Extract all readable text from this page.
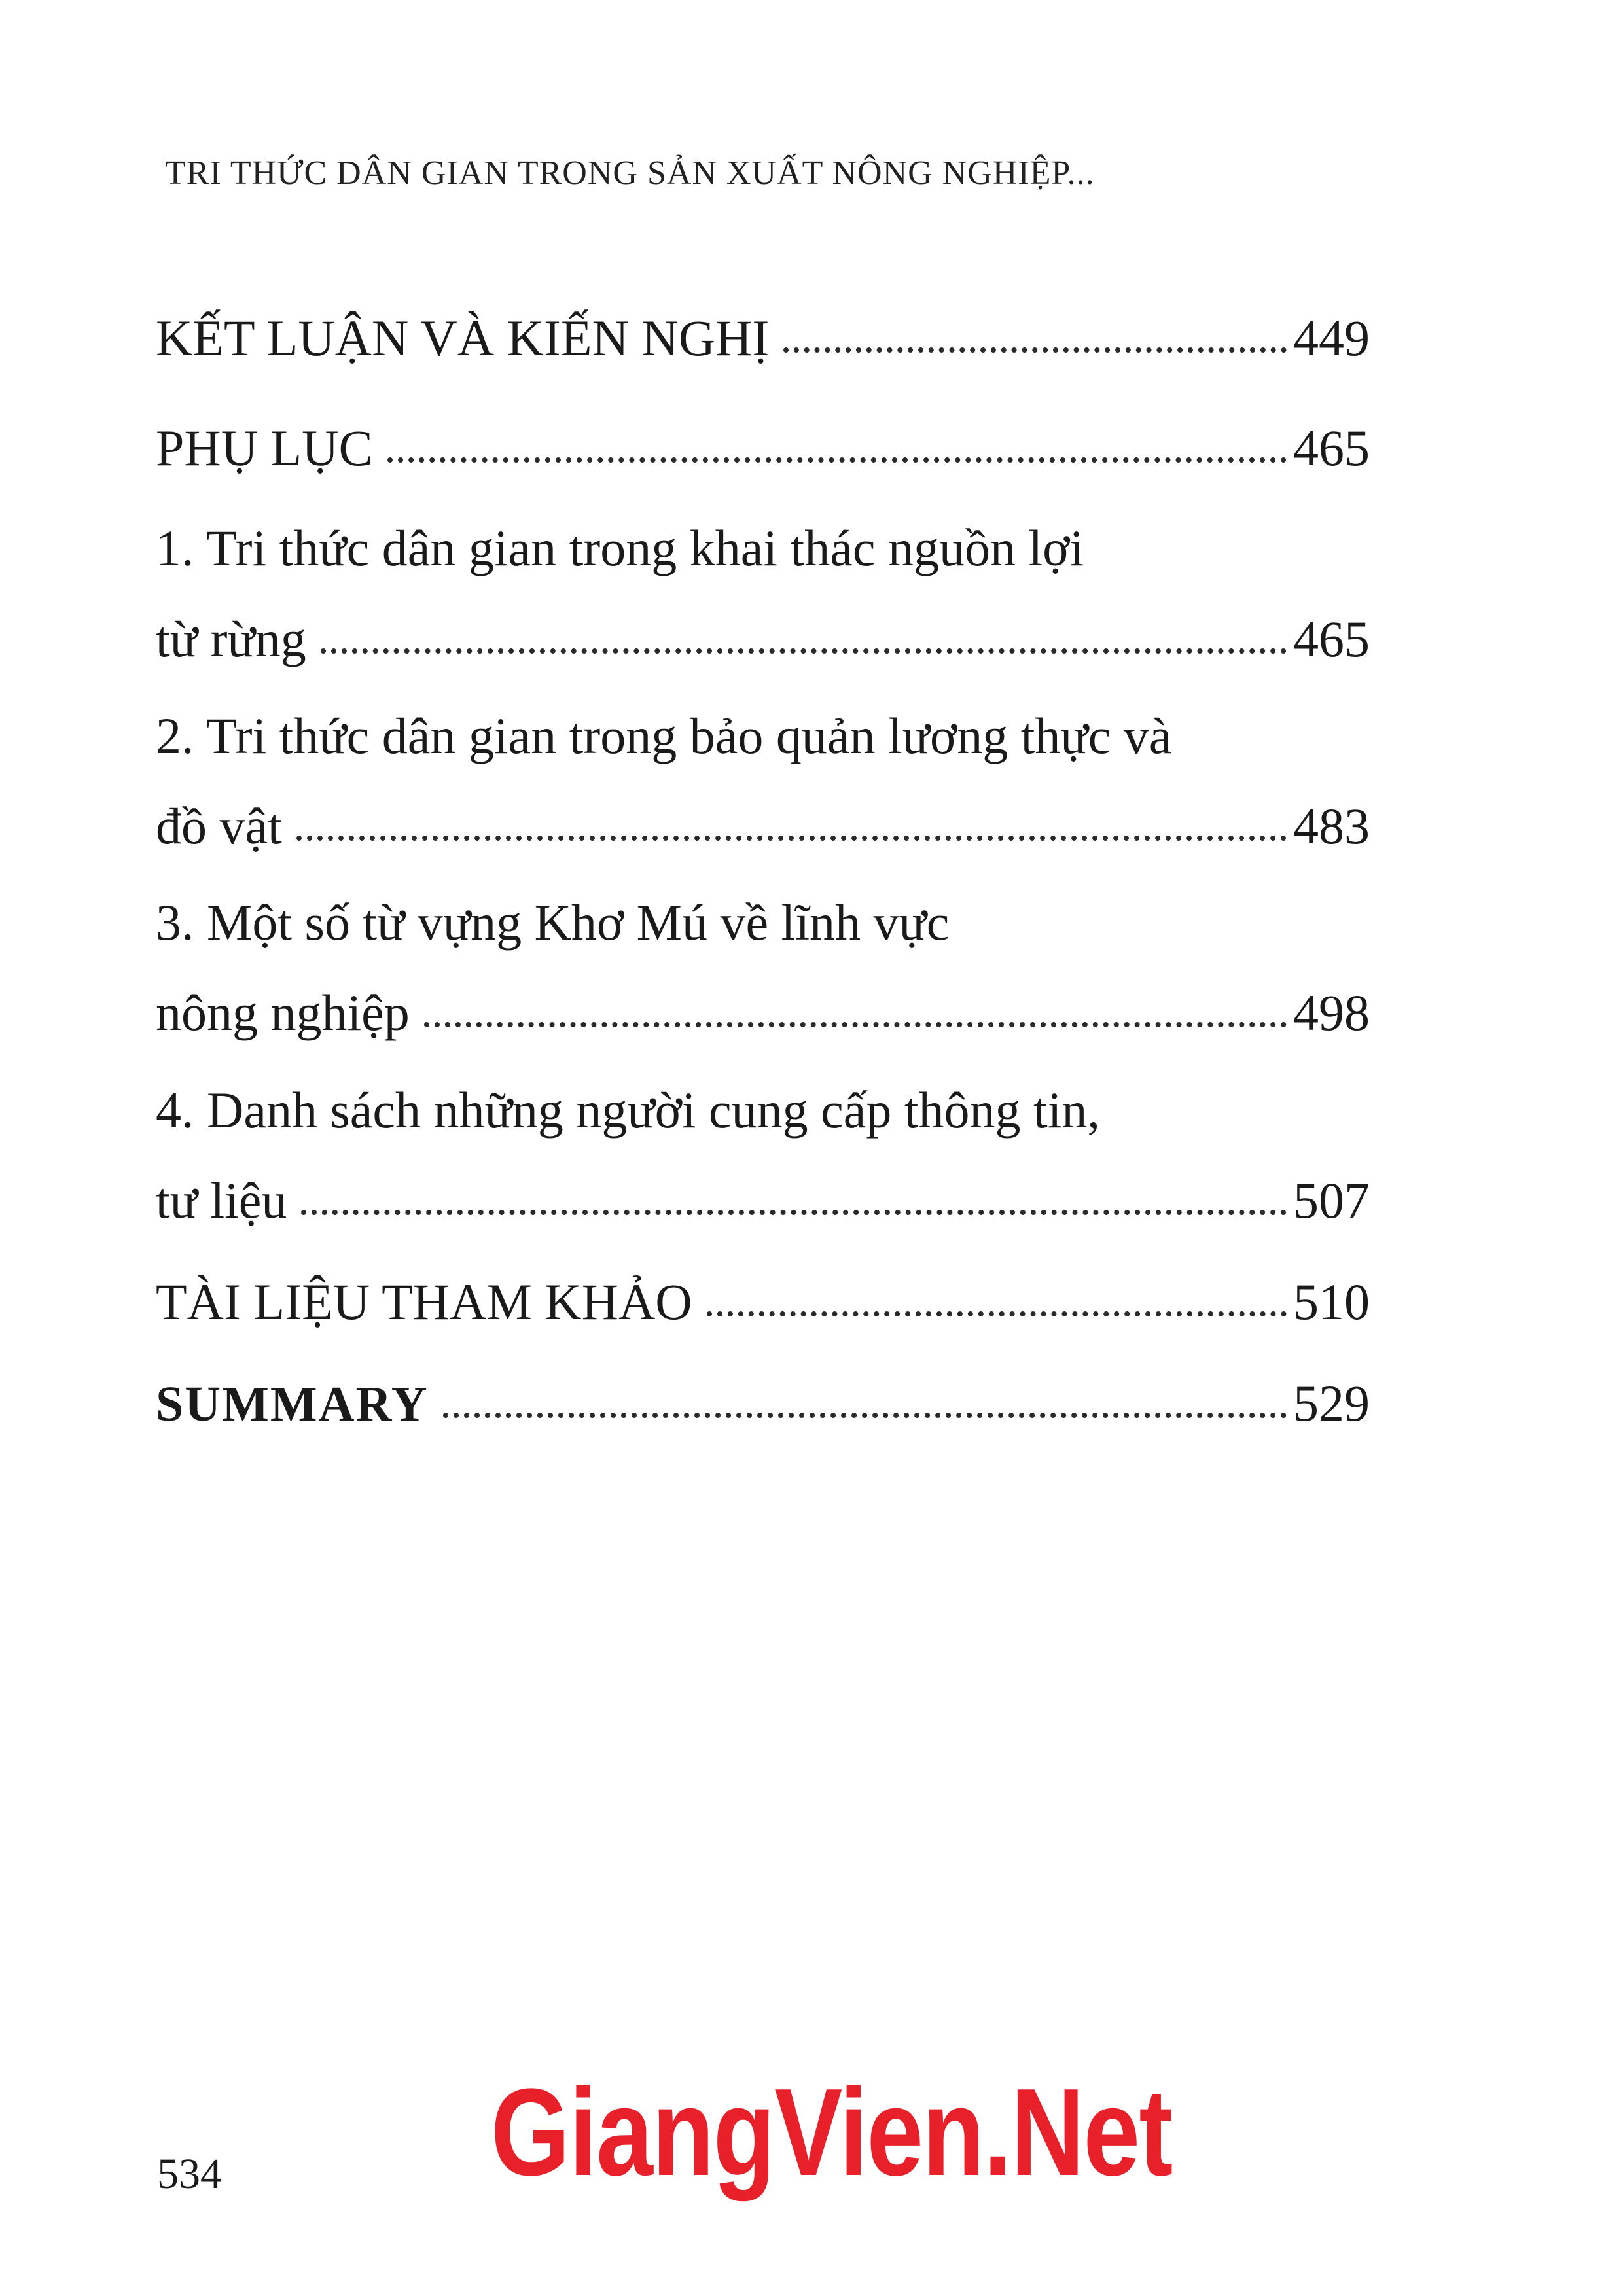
TRI THỨC DÂN GIAN TRONG SẢN XUẤT NÔNG NGHIỆP...
KẾT LUẬN VÀ KIẾN NGHỊ	449
PHỤ LỤC	465
1. Tri thức dân gian trong khai thác nguồn lợi
từ rừng	465
2. Tri thức dân gian trong bảo quản lương thực và
đồ vật	483
3. Một số từ vựng Khơ Mú về lĩnh vực
nông nghiệp	498
4. Danh sách những người cung cấp thông tin,
tư liệu	507
TÀI LIỆU THAM KHẢO	510
SUMMARY	529
534 GiangVien.Net
